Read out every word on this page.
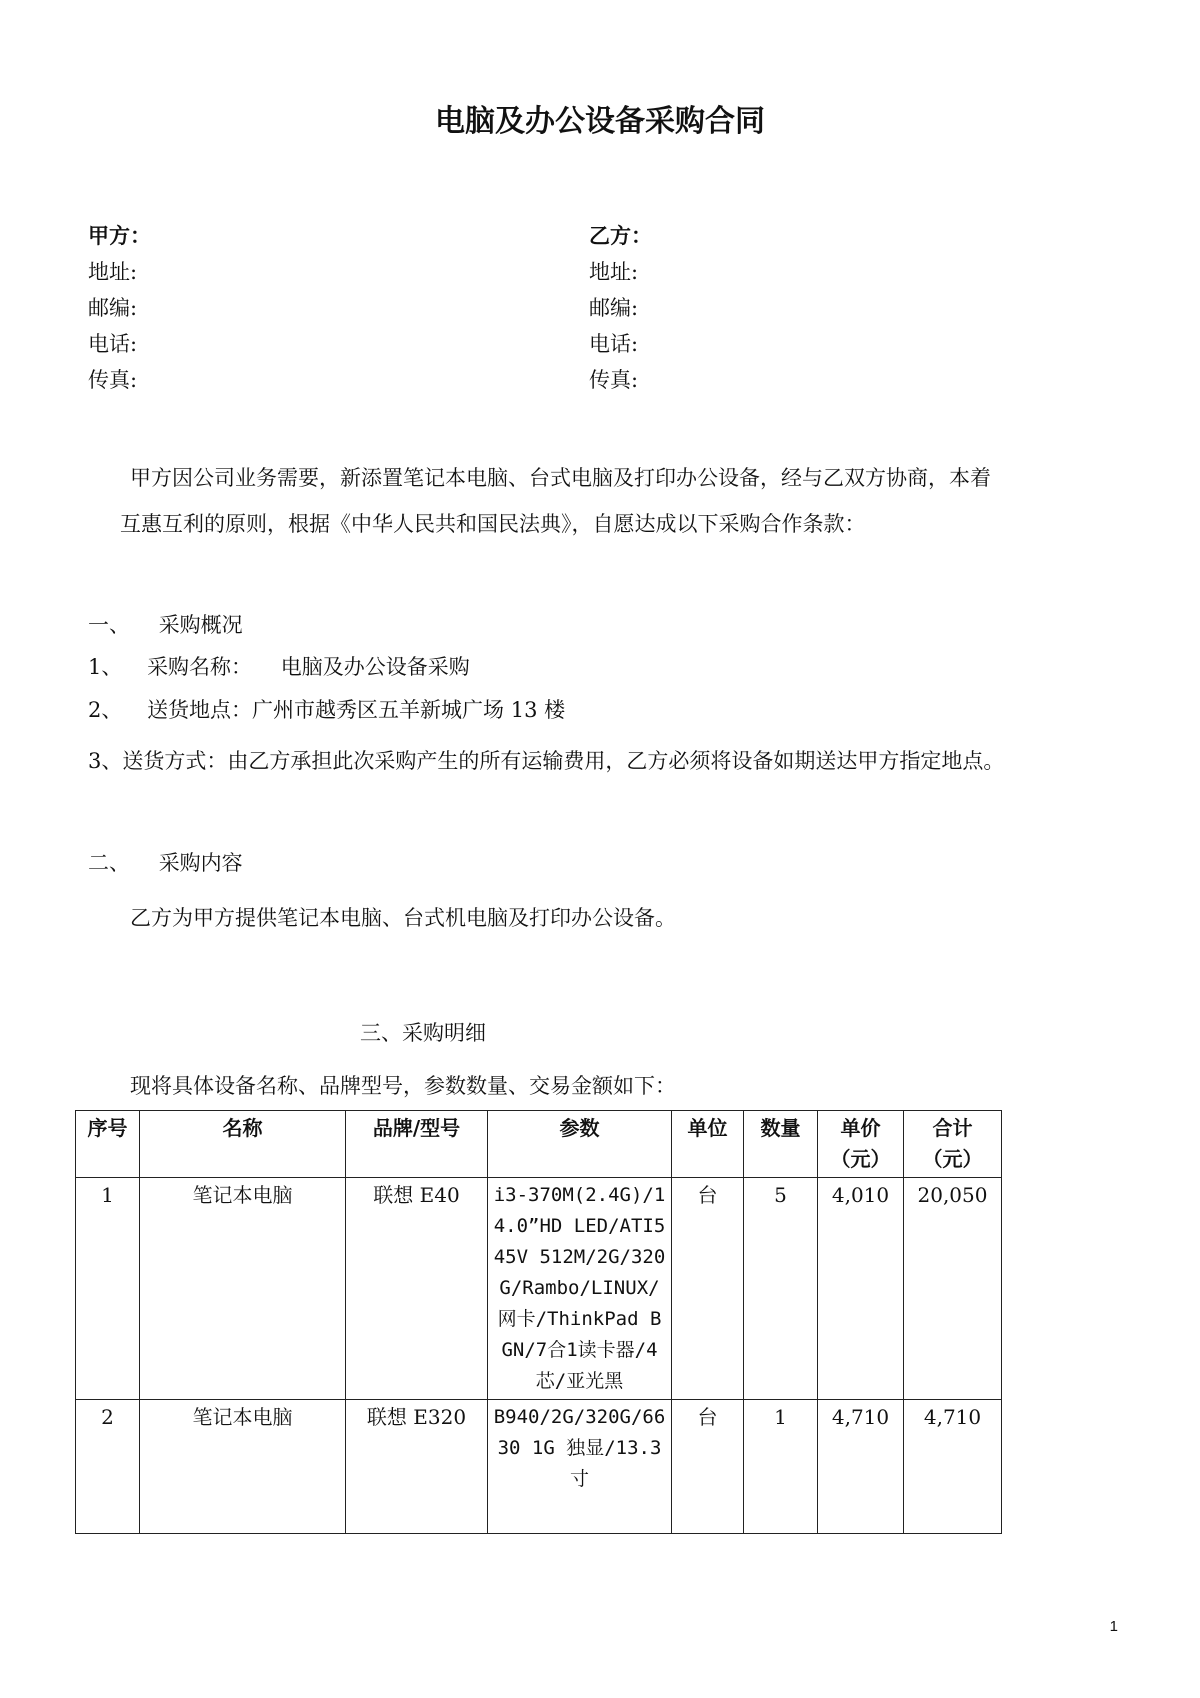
电脑及办公设备采购合同
甲方：
地址:
邮编:
电话:
传真:
乙方：
地址:
邮编:
电话:
传真:
甲方因公司业务需要，新添置笔记本电脑、台式电脑及打印办公设备，经与乙双方协商，本着
互惠互利的原则，根据《中华人民共和国民法典》，自愿达成以下采购合作条款：
一、 采购概况
1、 采购名称： 电脑及办公设备采购
2、 送货地点：广州市越秀区五羊新城广场 13 楼
3、送货方式：由乙方承担此次采购产生的所有运输费用，乙方必须将设备如期送达甲方指定地点。
二、 采购内容
乙方为甲方提供笔记本电脑、台式机电脑及打印办公设备。
三、采购明细
现将具体设备名称、品牌型号，参数数量、交易金额如下：
序号	名称	品牌/型号	参数	单位	数量	单价（元）	合计（元）
1	笔记本电脑	联想 E40	i3-370M(2.4G)/14.0”HD LED/ATI545V 512M/2G/320G/Rambo/LINUX/网卡/ThinkPad BGN/7合1读卡器/4芯/亚光黑	台	5	4,010	20,050
2	笔记本电脑	联想 E320	B940/2G/320G/6630 1G 独显/13.3寸	台	1	4,710	4,710
1
